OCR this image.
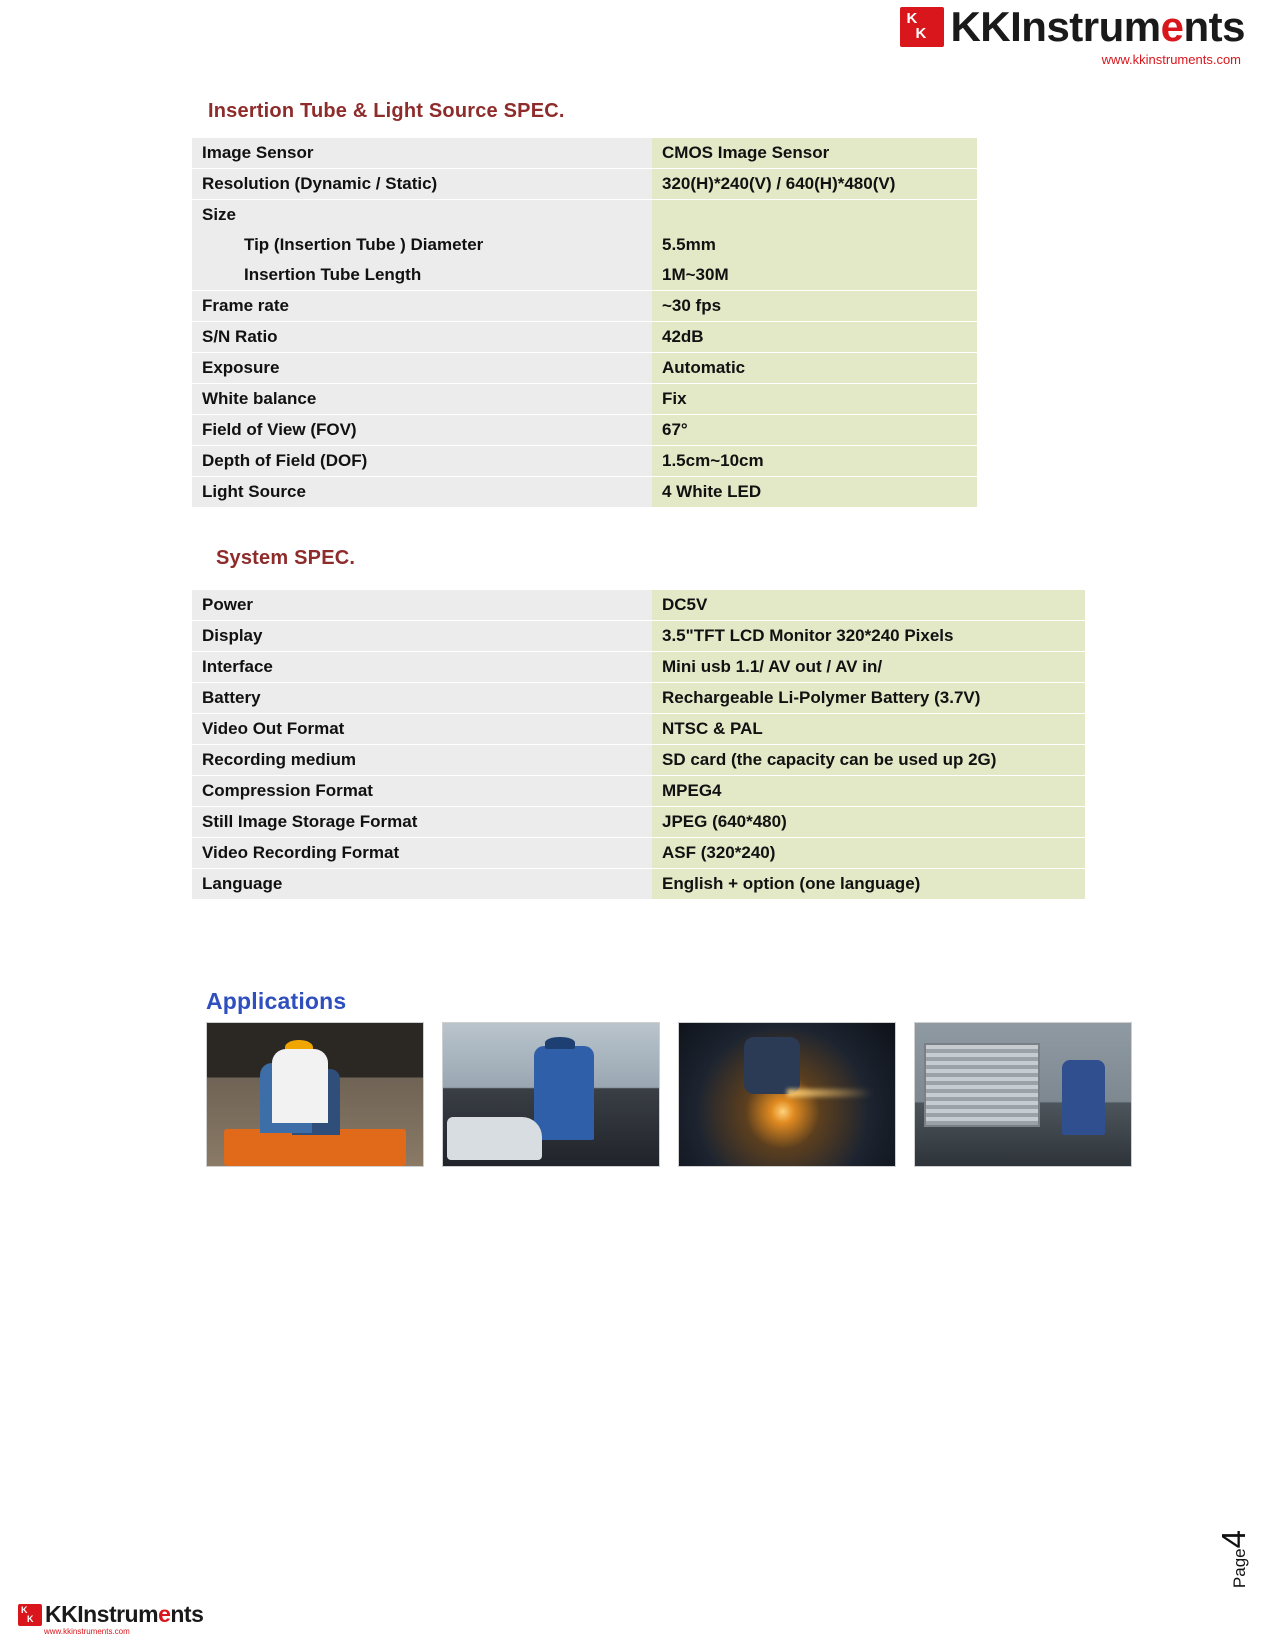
K
K KKInstruments
www.kkinstruments.com
Insertion Tube & Light Source SPEC.
Image Sensor	CMOS Image Sensor
Resolution (Dynamic / Static)	320(H)*240(V) / 640(H)*480(V)
Size	
Tip (Insertion Tube ) Diameter	5.5mm
Insertion Tube Length	1M~30M
Frame rate	~30 fps
S/N Ratio	42dB
Exposure	Automatic
White balance	Fix
Field of View (FOV)	67°
Depth of Field (DOF)	1.5cm~10cm
Light Source	4 White LED
System SPEC.
Power	DC5V
Display	3.5"TFT LCD Monitor 320*240 Pixels
Interface	Mini usb 1.1/ AV out / AV in/
Battery	Rechargeable Li-Polymer Battery (3.7V)
Video Out Format	NTSC & PAL
Recording medium	SD card (the capacity can be used up 2G)
Compression Format	MPEG4
Still Image Storage Format	JPEG (640*480)
Video Recording Format	ASF (320*240)
Language	English + option (one language)
Applications
Page4
K
K KKInstruments
www.kkinstruments.com
